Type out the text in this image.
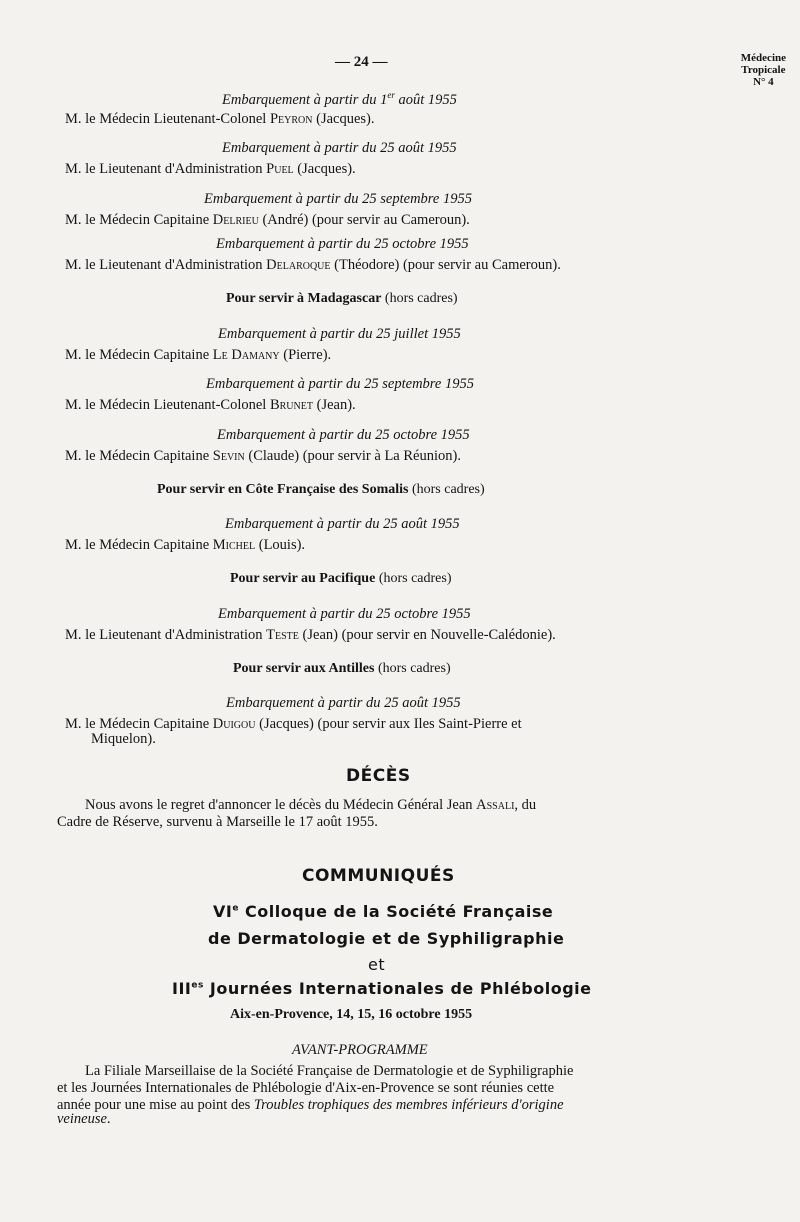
— 24 —	Médecine
Tropicale
N° 4
Embarquement à partir du 1er août 1955
M. le Médecin Lieutenant-Colonel Peyron (Jacques).
Embarquement à partir du 25 août 1955
M. le Lieutenant d'Administration Puel (Jacques).
Embarquement à partir du 25 septembre 1955
M. le Médecin Capitaine Delrieu (André) (pour servir au Cameroun).
Embarquement à partir du 25 octobre 1955
M. le Lieutenant d'Administration Delaroque (Théodore) (pour servir au Cameroun).
Pour servir à Madagascar (hors cadres)
Embarquement à partir du 25 juillet 1955
M. le Médecin Capitaine Le Damany (Pierre).
Embarquement à partir du 25 septembre 1955
M. le Médecin Lieutenant-Colonel Brunet (Jean).
Embarquement à partir du 25 octobre 1955
M. le Médecin Capitaine Sevin (Claude) (pour servir à La Réunion).
Pour servir en Côte Française des Somalis (hors cadres)
Embarquement à partir du 25 août 1955
M. le Médecin Capitaine Michel (Louis).
Pour servir au Pacifique (hors cadres)
Embarquement à partir du 25 octobre 1955
M. le Lieutenant d'Administration Teste (Jean) (pour servir en Nouvelle-Calédonie).
Pour servir aux Antilles (hors cadres)
Embarquement à partir du 25 août 1955
M. le Médecin Capitaine Duigou (Jacques) (pour servir aux Iles Saint-Pierre et
Miquelon).
DÉCÈS
Nous avons le regret d'annoncer le décès du Médecin Général Jean Assali, du
Cadre de Réserve, survenu à Marseille le 17 août 1955.
COMMUNIQUÉS
VIe Colloque de la Société Française
de Dermatologie et de Syphiligraphie
et
$III^{es}$ Journées Internationales de Phlébologie
Aix-en-Provence, 14, 15, 16 octobre 1955
AVANT-PROGRAMME
La Filiale Marseillaise de la Société Française de Dermatologie et de Syphiligraphie
et les Journées Internationales de Phlébologie d'Aix-en-Provence se sont réunies cette
année pour une mise au point des Troubles trophiques des membres inférieurs d'origine
veineuse.
